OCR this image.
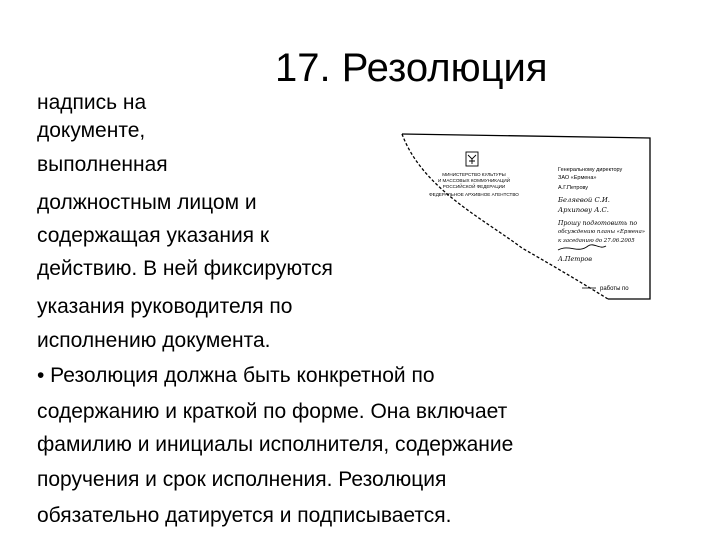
17. Резолюция
надпись на
документе,
выполненная
должностным лицом и
содержащая указания к
действию. В ней фиксируются
указания руководителя по
исполнению документа.
• Резолюция должна быть конкретной по
содержанию и краткой по форме. Она включает
фамилию и инициалы исполнителя, содержание
поручения и срок исполнения. Резолюция
обязательно датируется и подписывается.
МИНИСТЕРСТВО КУЛЬТУРЫ
И МАССОВЫХ КОММУНИКАЦИЙ
РОССИЙСКОЙ ФЕДЕРАЦИИ
ФЕДЕРАЛЬНОЕ АРХИВНОЕ АГЕНТСТВО
Генеральному директору
ЗАО «Ермена»
А.Г.Петрову
Беляевой С.И.
Архипову А.С.
Прошу подготовить по
обсуждению планы «Ермена»
к заседанию до 27.06.2005
А.Петров
работы по
